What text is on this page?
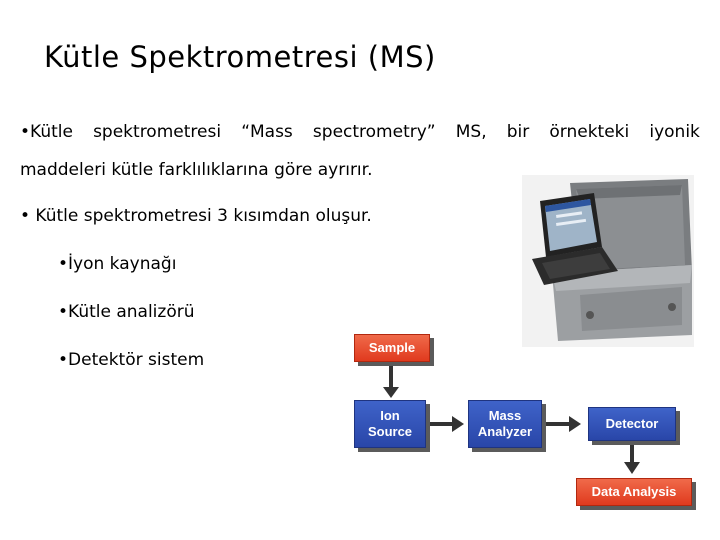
Kütle Spektrometresi (MS)
•Kütle spektrometresi “Mass spectrometry” MS, bir örnekteki iyonik
maddeleri kütle farklılıklarına göre ayrırır.
• Kütle spektrometresi 3 kısımdan oluşur.
•İyon kaynağı
•Kütle analizörü
•Detektör sistem
Sample
Ion
Source
Mass
Analyzer
Detector
Data Analysis
